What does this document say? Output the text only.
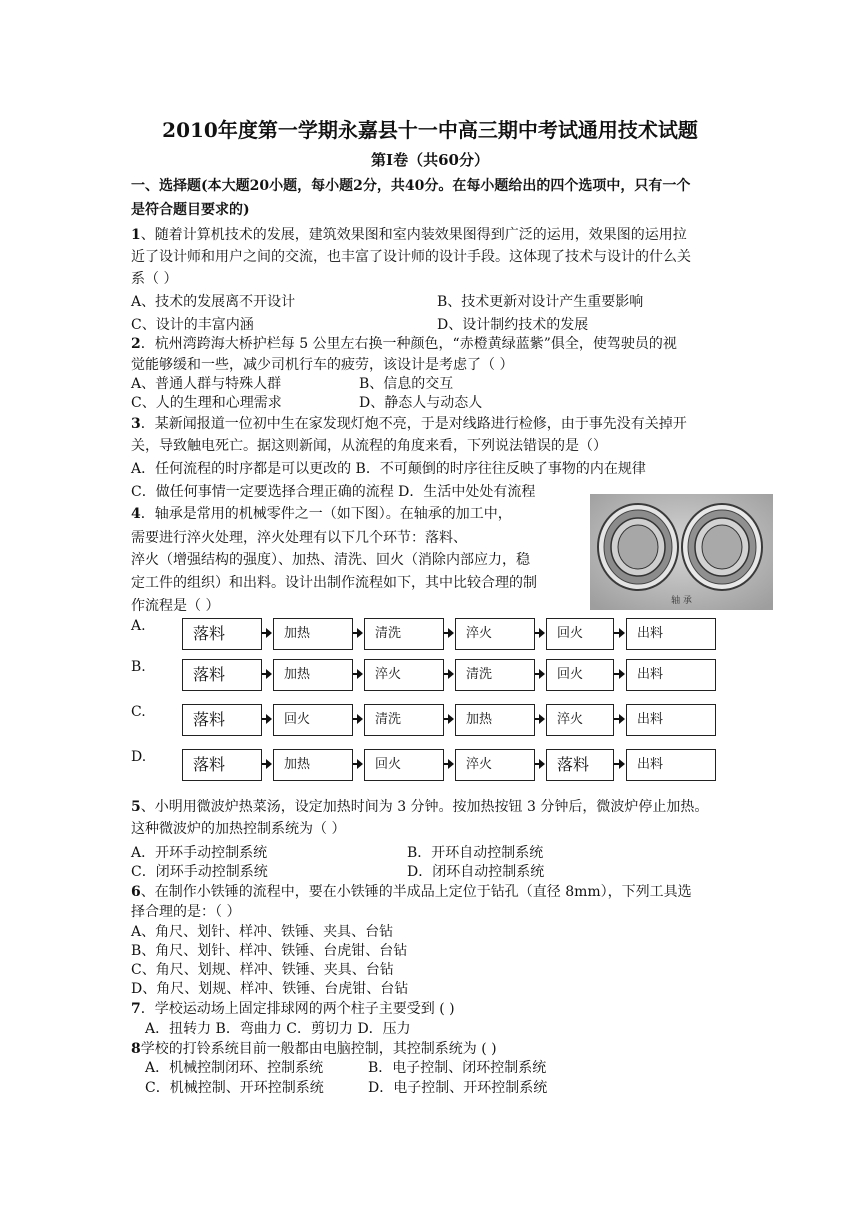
2010年度第一学期永嘉县十一中高三期中考试通用技术试题
第Ⅰ卷（共60分）
一、选择题(本大题20小题，每小题2分，共40分。在每小题给出的四个选项中，只有一个
是符合题目要求的)
1、随着计算机技术的发展，建筑效果图和室内装效果图得到广泛的运用，效果图的运用拉
近了设计师和用户之间的交流，也丰富了设计师的设计手段。这体现了技术与设计的什么关
系（ ）
A、技术的发展离不开设计	B、技术更新对设计产生重要影响
C、设计的丰富内涵	D、设计制约技术的发展
2．杭州湾跨海大桥护栏每 5 公里左右换一种颜色，“赤橙黄绿蓝紫”俱全，使驾驶员的视
觉能够缓和一些，减少司机行车的疲劳，该设计是考虑了（ ）
A、普通人群与特殊人群	B、信息的交互
C、人的生理和心理需求	D、静态人与动态人
3．某新闻报道一位初中生在家发现灯炮不亮，于是对线路进行检修，由于事先没有关掉开
关，导致触电死亡。据这则新闻，从流程的角度来看，下列说法错误的是（）
A．任何流程的时序都是可以更改的 B．不可颠倒的时序往往反映了事物的内在规律
C．做任何事情一定要选择合理正确的流程 D．生活中处处有流程
4．轴承是常用的机械零件之一（如下图）。在轴承的加工中，
需要进行淬火处理，淬火处理有以下几个环节：落料、
淬火（增强结构的强度）、加热、清洗、回火（消除内部应力，稳
定工件的组织）和出料。设计出制作流程如下，其中比较合理的制
作流程是（ ）	轴 承
A.	落料	加热	清洗	淬火	回火	出料
B.	落料	加热	淬火	清洗	回火	出料
C.	落料	回火	清洗	加热	淬火	出料
D.	落料	加热	回火	淬火	落料	出料
5、小明用微波炉热菜汤，设定加热时间为 3 分钟。按加热按钮 3 分钟后，微波炉停止加热。
这种微波炉的加热控制系统为（ ）
A．开环手动控制系统	B．开环自动控制系统
C．闭环手动控制系统	D．闭环自动控制系统
6、在制作小铁锤的流程中，要在小铁锤的半成品上定位于钻孔（直径 8mm），下列工具选
择合理的是：（ ）
A、角尺、划针、样冲、铁锤、夹具、台钻
B、角尺、划针、样冲、铁锤、台虎钳、台钻
C、角尺、划规、样冲、铁锤、夹具、台钻
D、角尺、划规、样冲、铁锤、台虎钳、台钻
7．学校运动场上固定排球网的两个柱子主要受到 ( )
A．扭转力 B．弯曲力 C．剪切力 D．压力
8学校的打铃系统目前一般都由电脑控制，其控制系统为 ( )
A．机械控制闭环、控制系统	B．电子控制、闭环控制系统
C．机械控制、开环控制系统	D．电子控制、开环控制系统
